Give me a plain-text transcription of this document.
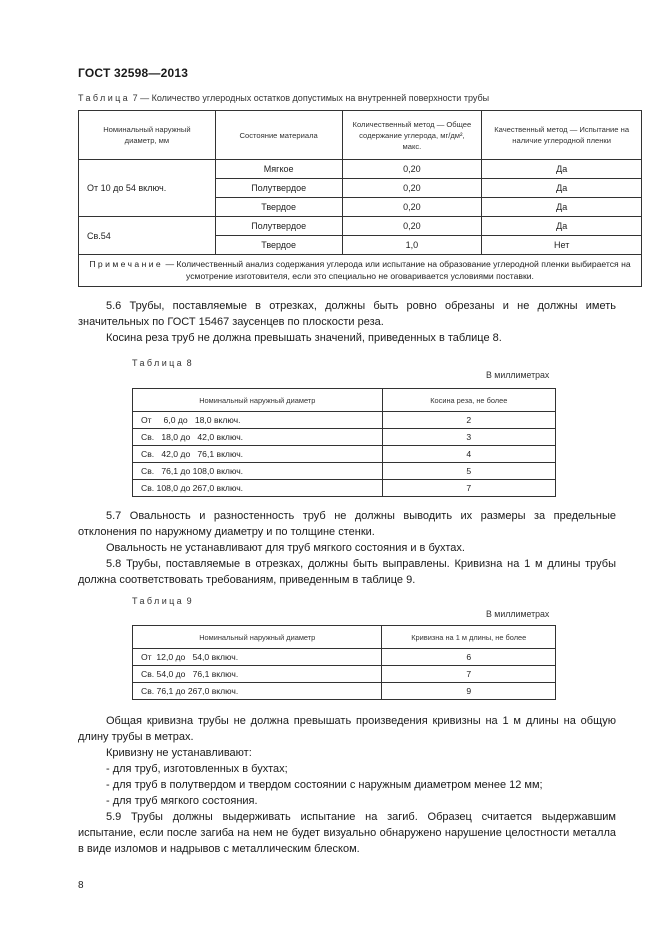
ГОСТ 32598—2013
Таблица 7 — Количество углеродных остатков допустимых на внутренней поверхности трубы
Номинальный наружный диаметр, мм	Состояние материала	Количественный метод — Общее содержание углерода, мг/дм², макс.	Качественный метод — Испытание на наличие углеродной пленки
От 10 до 54 включ.	Мягкое	0,20	Да
	Полутвердое	0,20	Да
	Твердое	0,20	Да
Св.54	Полутвердое	0,20	Да
	Твердое	1,0	Нет
Примечание — Количественный анализ содержания углерода или испытание на образование углеродной пленки выбирается на усмотрение изготовителя, если это специально не оговаривается условиями поставки.			
5.6 Трубы, поставляемые в отрезках, должны быть ровно обрезаны и не должны иметь значительных по ГОСТ 15467 заусенцев по плоскости реза.
Косина реза труб не должна превышать значений, приведенных в таблице 8.
Таблица 8
В миллиметрах
Номинальный наружный диаметр	Косина реза, не более
От     6,0 до   18,0 включ.	2
Св.   18,0 до   42,0 включ.	3
Св.   42,0 до   76,1 включ.	4
Св.   76,1 до 108,0 включ.	5
Св. 108,0 до 267,0 включ.	7
5.7 Овальность и разностенность труб не должны выводить их размеры за предельные отклонения по наружному диаметру и по толщине стенки.
Овальность не устанавливают для труб мягкого состояния и в бухтах.
5.8 Трубы, поставляемые в отрезках, должны быть выправлены. Кривизна на 1 м длины трубы должна соответствовать требованиям, приведенным в таблице 9.
Таблица 9
В миллиметрах
Номинальный наружный диаметр	Кривизна на 1 м длины, не более
От  12,0 до   54,0 включ.	6
Св. 54,0 до   76,1 включ.	7
Св. 76,1 до 267,0 включ.	9
Общая кривизна трубы не должна превышать произведения кривизны на 1 м длины на общую длину трубы в метрах.
Кривизну не устанавливают:
- для труб, изготовленных в бухтах;
- для труб в полутвердом и твердом состоянии с наружным диаметром менее 12 мм;
- для труб мягкого состояния.
5.9 Трубы должны выдерживать испытание на загиб. Образец считается выдержавшим испытание, если после загиба на нем не будет визуально обнаружено нарушение целостности металла в виде изломов и надрывов с металлическим блеском.
8
